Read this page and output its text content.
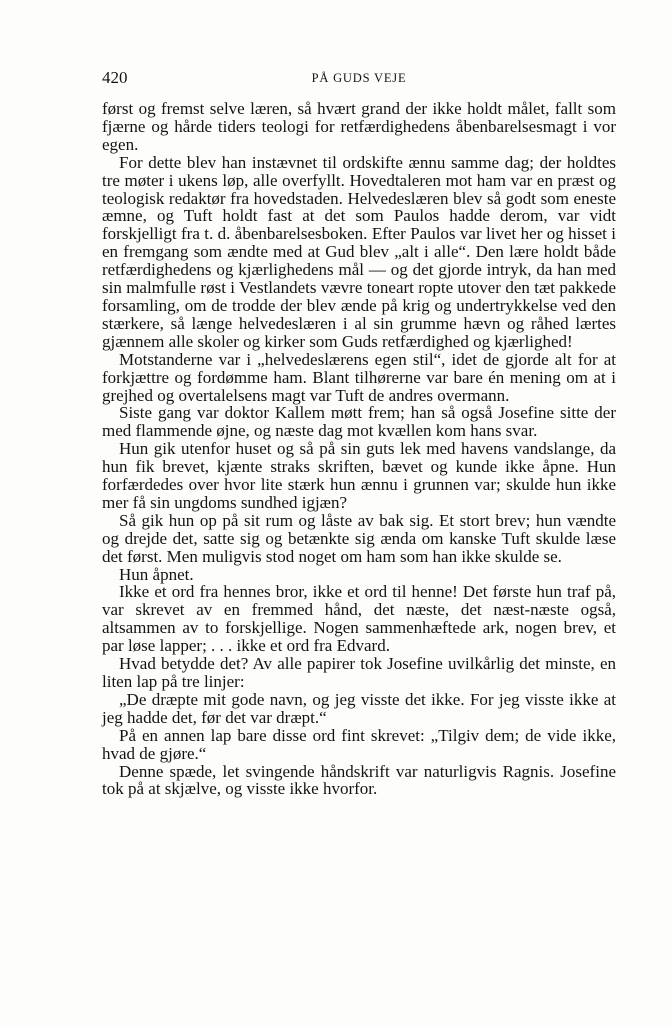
420	PÅ GUDS VEJE

først og fremst selve læren, så hvært grand der ikke holdt målet, fallt som fjærne og hårde tiders teologi for retfærdighedens åbenbarelsesmagt i vor egen.

For dette blev han instævnet til ordskifte ænnu samme dag; der holdtes tre møter i ukens løp, alle overfyllt. Hovedtaleren mot ham var en præst og teologisk redaktør fra hovedstaden. Helvedeslæren blev så godt som eneste æmne, og Tuft holdt fast at det som Paulos hadde derom, var vidt forskjelligt fra t. d. åbenbarelsesboken. Efter Paulos var livet her og hisset i en fremgang som ændte med at Gud blev „alt i alle“. Den lære holdt både retfærdighedens og kjærlighedens mål — og det gjorde intryk, da han med sin malmfulle røst i Vestlandets vævre toneart ropte utover den tæt pakkede forsamling, om de trodde der blev ænde på krig og undertrykkelse ved den stærkere, så længe helvedeslæren i al sin grumme hævn og råhed lærtes gjænnem alle skoler og kirker som Guds retfærdighed og kjærlighed!

Motstanderne var i „helvedeslærens egen stil“, idet de gjorde alt for at forkjættre og fordømme ham. Blant tilhørerne var bare én mening om at i grejhed og overtalelsens magt var Tuft de andres overmann.

Siste gang var doktor Kallem møtt frem; han så også Josefine sitte der med flammende øjne, og næste dag mot kvællen kom hans svar.

Hun gik utenfor huset og så på sin guts lek med havens vandslange, da hun fik brevet, kjænte straks skriften, bævet og kunde ikke åpne. Hun forfærdedes over hvor lite stærk hun ænnu i grunnen var; skulde hun ikke mer få sin ungdoms sundhed igjæn?

Så gik hun op på sit rum og låste av bak sig. Et stort brev; hun vændte og drejde det, satte sig og betænkte sig ænda om kanske Tuft skulde læse det først. Men muligvis stod noget om ham som han ikke skulde se.

Hun åpnet.

Ikke et ord fra hennes bror, ikke et ord til henne! Det første hun traf på, var skrevet av en fremmed hånd, det næste, det næst-næste også, altsammen av to forskjellige. Nogen sammenhæftede ark, nogen brev, et par løse lapper; . . . ikke et ord fra Edvard.

Hvad betydde det? Av alle papirer tok Josefine uvilkårlig det minste, en liten lap på tre linjer:

„De dræpte mit gode navn, og jeg visste det ikke. For jeg visste ikke at jeg hadde det, før det var dræpt.“

På en annen lap bare disse ord fint skrevet: „Tilgiv dem; de vide ikke, hvad de gjøre.“

Denne spæde, let svingende håndskrift var naturligvis Ragnis. Josefine tok på at skjælve, og visste ikke hvorfor.
